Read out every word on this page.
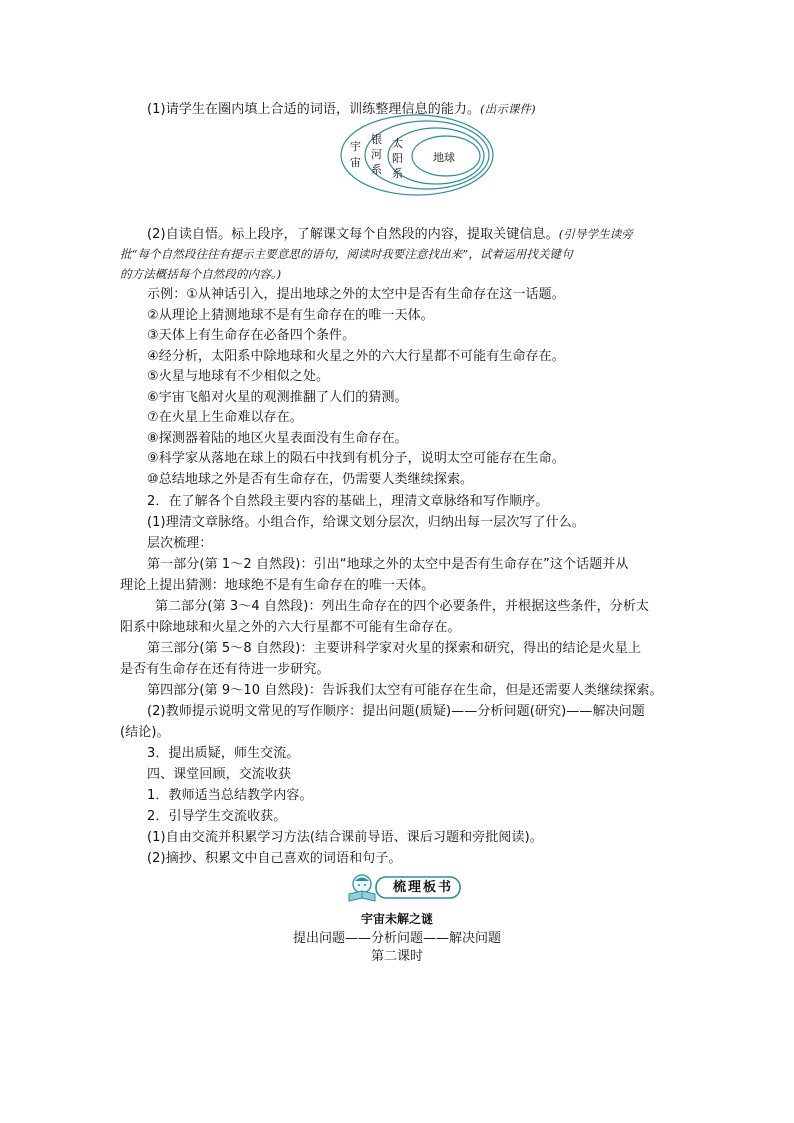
(1)请学生在圈内填上合适的词语，训练整理信息的能力。(出示课件)
宇
宙
银
河
系
太
阳
系
地球
(2)自读自悟。标上段序，了解课文每个自然段的内容，提取关键信息。(引导学生读旁
批“每个自然段往往有提示主要意思的语句，阅读时我要注意找出来”，试着运用找关键句
的方法概括每个自然段的内容。)
示例：①从神话引入，提出地球之外的太空中是否有生命存在这一话题。
②从理论上猜测地球不是有生命存在的唯一天体。
③天体上有生命存在必备四个条件。
④经分析，太阳系中除地球和火星之外的六大行星都不可能有生命存在。
⑤火星与地球有不少相似之处。
⑥宇宙飞船对火星的观测推翻了人们的猜测。
⑦在火星上生命难以存在。
⑧探测器着陆的地区火星表面没有生命存在。
⑨科学家从落地在球上的陨石中找到有机分子，说明太空可能存在生命。
⑩总结地球之外是否有生命存在，仍需要人类继续探索。
2．在了解各个自然段主要内容的基础上，理清文章脉络和写作顺序。
(1)理清文章脉络。小组合作，给课文划分层次，归纳出每一层次写了什么。
层次梳理：
第一部分(第 1～2 自然段)：引出“地球之外的太空中是否有生命存在”这个话题并从
理论上提出猜测：地球绝不是有生命存在的唯一天体。
第二部分(第 3～4 自然段)：列出生命存在的四个必要条件，并根据这些条件，分析太
阳系中除地球和火星之外的六大行星都不可能有生命存在。
第三部分(第 5～8 自然段)：主要讲科学家对火星的探索和研究，得出的结论是火星上
是否有生命存在还有待进一步研究。
第四部分(第 9～10 自然段)：告诉我们太空有可能存在生命，但是还需要人类继续探索。
(2)教师提示说明文常见的写作顺序：提出问题(质疑)——分析问题(研究)——解决问题
(结论)。
3．提出质疑，师生交流。
四、课堂回顾，交流收获
1．教师适当总结教学内容。
2．引导学生交流收获。
(1)自由交流并积累学习方法(结合课前导语、课后习题和旁批阅读)。
(2)摘抄、积累文中自己喜欢的词语和句子。
梳理板书
宇宙未解之谜
提出问题——分析问题——解决问题
第二课时
